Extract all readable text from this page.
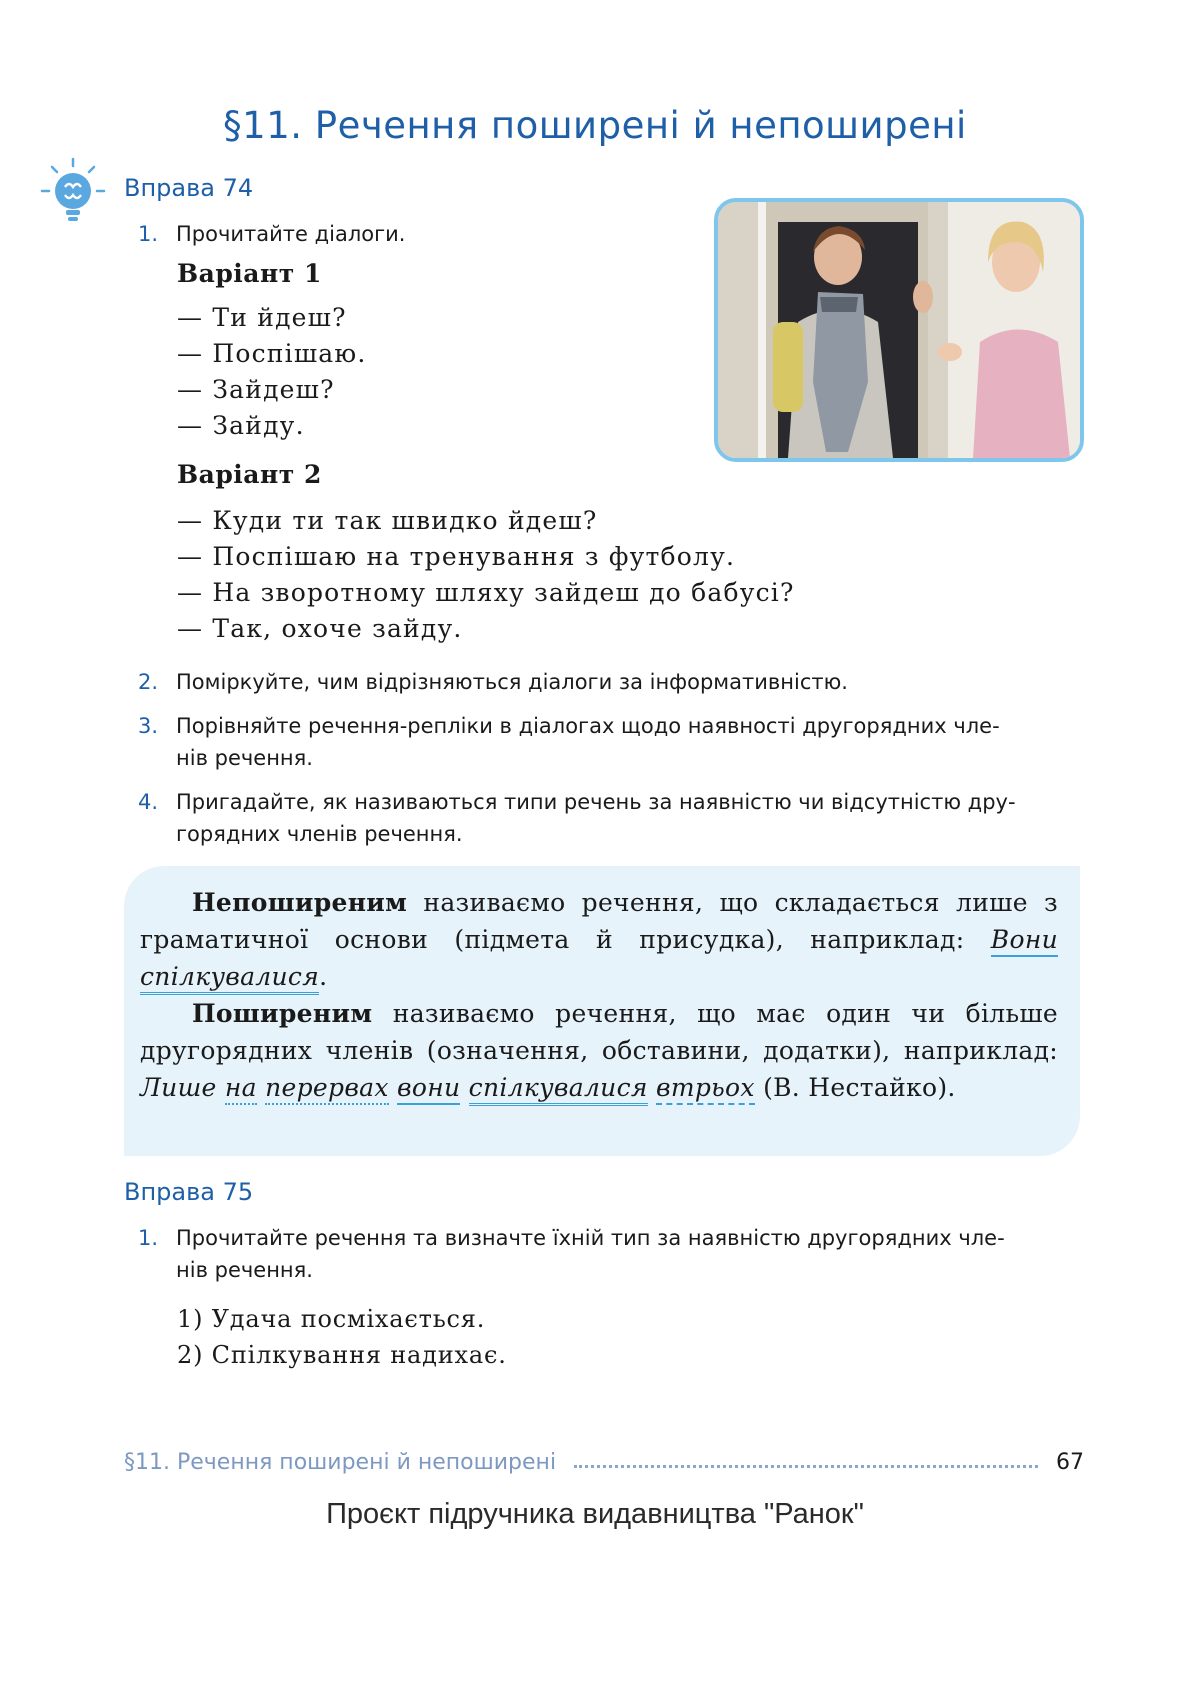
§11. Речення поширені й непоширені
Вправа 74
1. Прочитайте діалоги.
Варіант 1
— Ти йдеш?
— Поспішаю.
— Зайдеш?
— Зайду.
Варіант 2
— Куди ти так швидко йдеш?
— Поспішаю на тренування з футболу.
— На зворотному шляху зайдеш до бабусі?
— Так, охоче зайду.
2. Поміркуйте, чим відрізняються діалоги за інформативністю.
3. Порівняйте речення-репліки в діалогах щодо наявності другорядних чле-
нів речення.
4. Пригадайте, як називаються типи речень за наявністю чи відсутністю дру-
горядних членів речення.

Непоширеним називаємо речення, що складається лише з граматичної основи (підмета й присудка), наприклад: Вони спілкувалися.

Поширеним називаємо речення, що має один чи більше другорядних членів (означення, обставини, додатки), наприклад: Лише на перервах вони спілкувалися втрьох (В. Нестайко).

Вправа 75
1. Прочитайте речення та визначте їхній тип за наявністю другорядних чле-
нів речення.
1) Удача посміхається.
2) Спілкування надихає.
§11. Речення поширені й непоширені	67
Проєкт підручника видавництва "Ранок"
